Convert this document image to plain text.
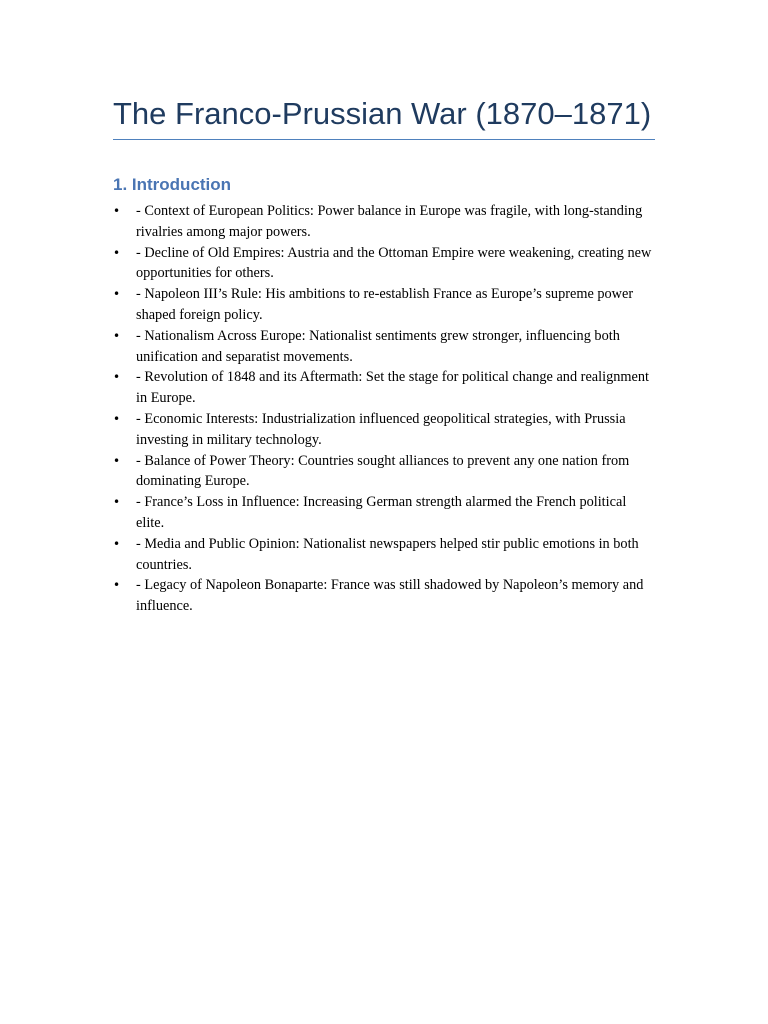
The Franco-Prussian War (1870–1871)
1. Introduction
•	- Context of European Politics: Power balance in Europe was fragile, with long-standing rivalries among major powers.
•	- Decline of Old Empires: Austria and the Ottoman Empire were weakening, creating new opportunities for others.
•	- Napoleon III’s Rule: His ambitions to re-establish France as Europe’s supreme power shaped foreign policy.
•	- Nationalism Across Europe: Nationalist sentiments grew stronger, influencing both unification and separatist movements.
•	- Revolution of 1848 and its Aftermath: Set the stage for political change and realignment in Europe.
•	- Economic Interests: Industrialization influenced geopolitical strategies, with Prussia investing in military technology.
•	- Balance of Power Theory: Countries sought alliances to prevent any one nation from dominating Europe.
•	- France’s Loss in Influence: Increasing German strength alarmed the French political elite.
•	- Media and Public Opinion: Nationalist newspapers helped stir public emotions in both countries.
•	- Legacy of Napoleon Bonaparte: France was still shadowed by Napoleon’s memory and influence.
